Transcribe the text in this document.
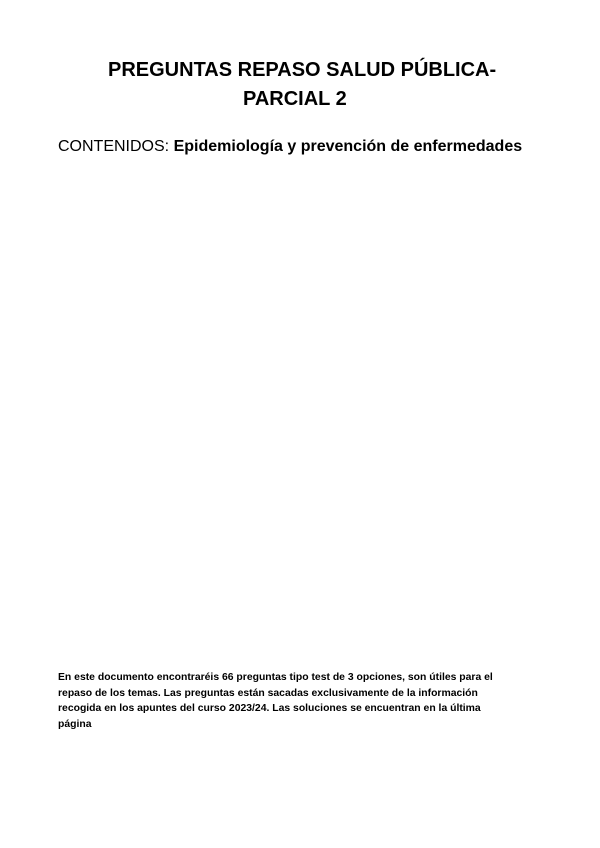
PREGUNTAS REPASO SALUD PÚBLICA-
PARCIAL 2
CONTENIDOS: Epidemiología y prevención de enfermedades
En este documento encontraréis 66 preguntas tipo test de 3 opciones, son útiles para el
repaso de los temas. Las preguntas están sacadas exclusivamente de la información
recogida en los apuntes del curso 2023/24. Las soluciones se encuentran en la última
página
